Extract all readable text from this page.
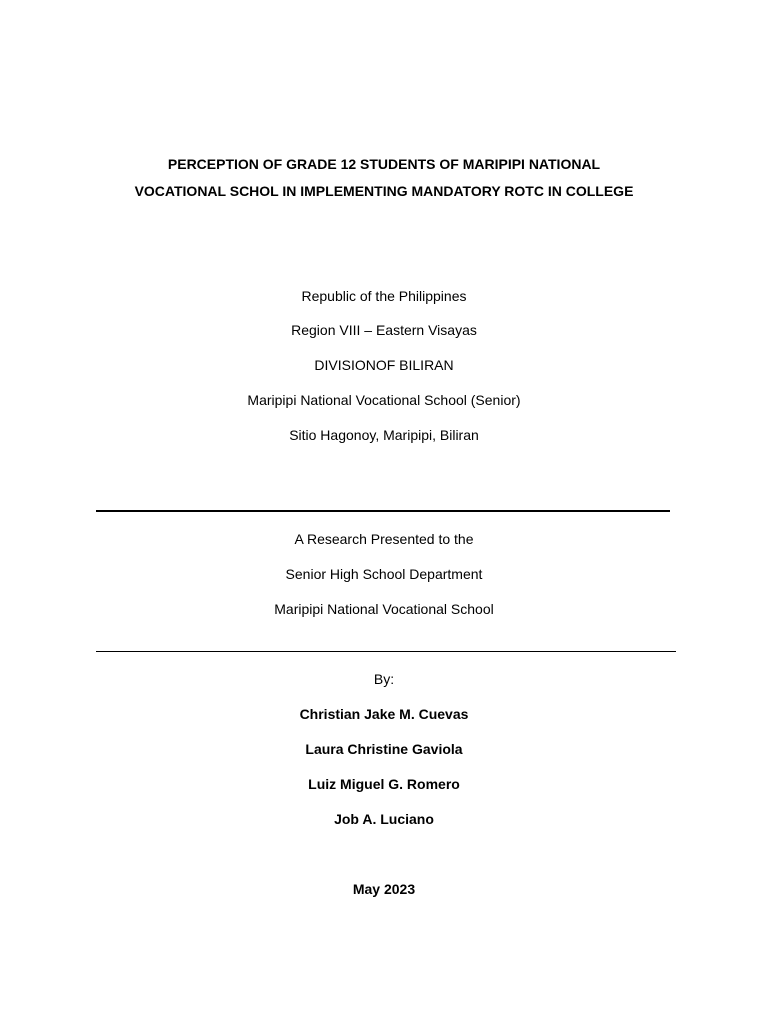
PERCEPTION OF GRADE 12 STUDENTS OF MARIPIPI NATIONAL
VOCATIONAL SCHOL IN IMPLEMENTING MANDATORY ROTC IN COLLEGE
Republic of the Philippines
Region VIII – Eastern Visayas
DIVISIONOF BILIRAN
Maripipi National Vocational School (Senior)
Sitio Hagonoy, Maripipi, Biliran
A Research Presented to the
Senior High School Department
Maripipi National Vocational School
By:
Christian Jake M. Cuevas
Laura Christine Gaviola
Luiz Miguel G. Romero
Job A. Luciano
May 2023
